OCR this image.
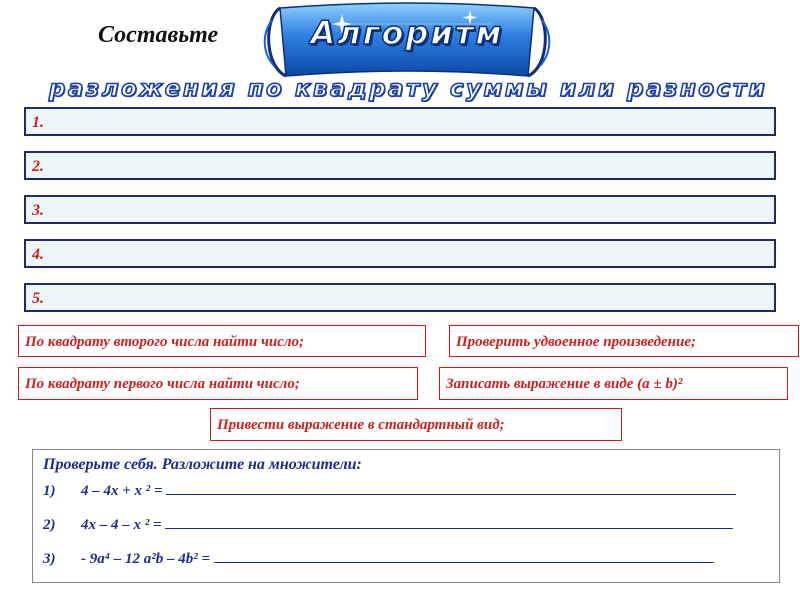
Составьте	Алгоритм
разложения по квадрату суммы или разности
1.
2.
3.
4.
5.
По квадрату второго числа найти число;	Проверить удвоенное произведение;
По квадрату первого числа найти число;	Записать выражение в виде (a ± b)²
Привести выражение в стандартный вид;
Проверьте себя. Разложите на множители:
1) 4 – 4x + x ² =
2) 4x – 4 – x ² =
3) - 9a⁴ – 12 a²b – 4b² =
